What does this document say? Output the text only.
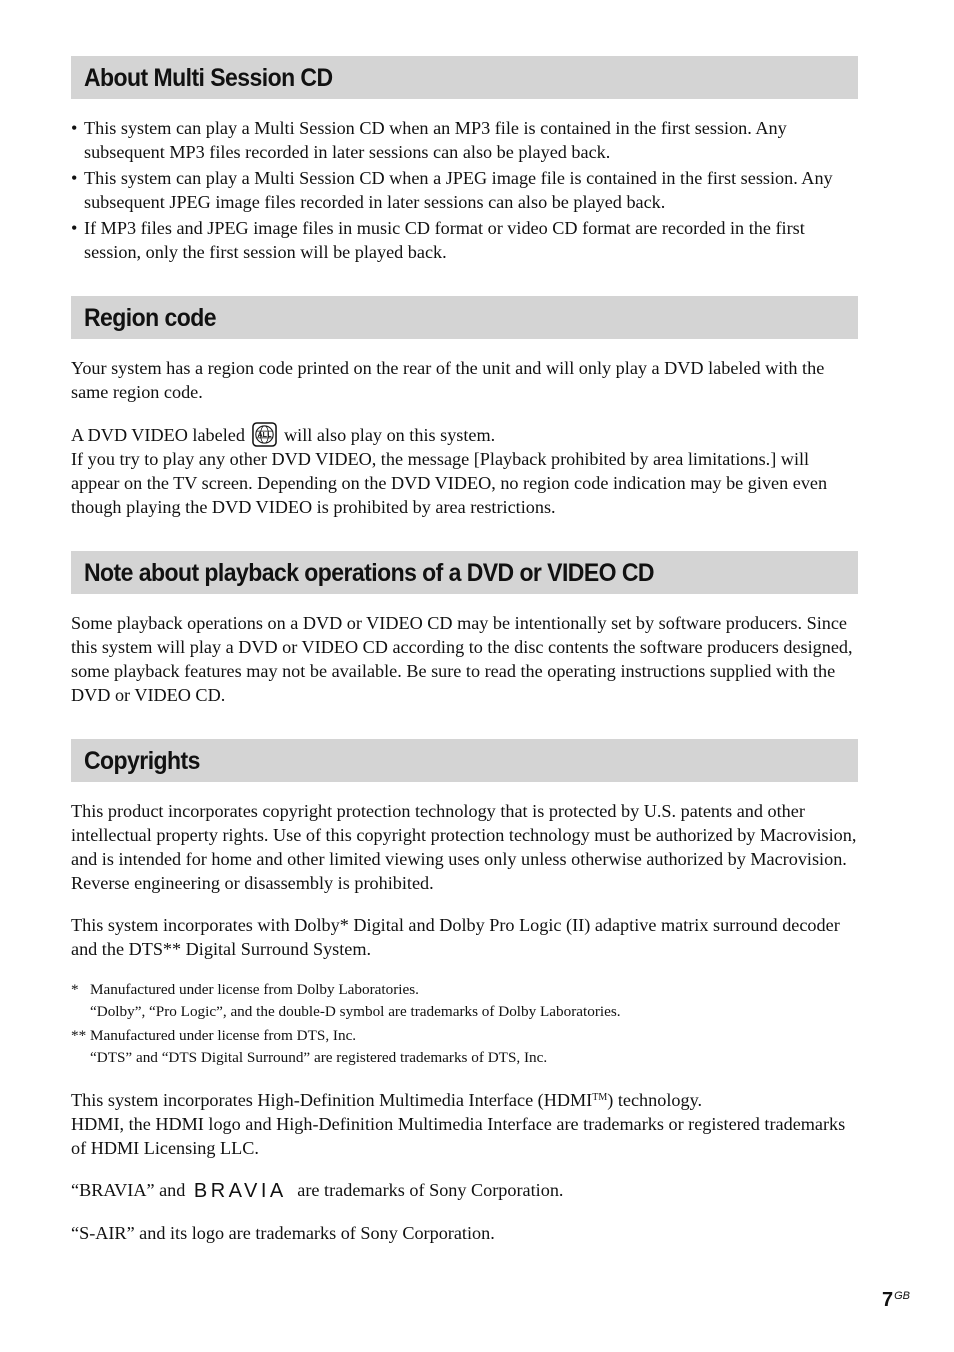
About Multi Session CD
• This system can play a Multi Session CD when an MP3 file is contained in the first session. Any subsequent MP3 files recorded in later sessions can also be played back.
• This system can play a Multi Session CD when a JPEG image file is contained in the first session. Any subsequent JPEG image files recorded in later sessions can also be played back.
• If MP3 files and JPEG image files in music CD format or video CD format are recorded in the first session, only the first session will be played back.
Region code

Your system has a region code printed on the rear of the unit and will only play a DVD labeled with the same region code.

A DVD VIDEO labeled ALL will also play on this system.

If you try to play any other DVD VIDEO, the message [Playback prohibited by area limitations.] will appear on the TV screen. Depending on the DVD VIDEO, no region code indication may be given even though playing the DVD VIDEO is prohibited by area restrictions.

Note about playback operations of a DVD or VIDEO CD

Some playback operations on a DVD or VIDEO CD may be intentionally set by software producers. Since this system will play a DVD or VIDEO CD according to the disc contents the software producers designed, some playback features may not be available. Be sure to read the operating instructions supplied with the DVD or VIDEO CD.

Copyrights

This product incorporates copyright protection technology that is protected by U.S. patents and other intellectual property rights. Use of this copyright protection technology must be authorized by Macrovision, and is intended for home and other limited viewing uses only unless otherwise authorized by Macrovision. Reverse engineering or disassembly is prohibited.

This system incorporates with Dolby* Digital and Dolby Pro Logic (II) adaptive matrix surround decoder and the DTS** Digital Surround System.

* Manufactured under license from Dolby Laboratories.

“Dolby”, “Pro Logic”, and the double-D symbol are trademarks of Dolby Laboratories.

** Manufactured under license from DTS, Inc.

“DTS” and “DTS Digital Surround” are registered trademarks of DTS, Inc.

This system incorporates High-Definition Multimedia Interface (HDMI™) technology.

HDMI, the HDMI logo and High-Definition Multimedia Interface are trademarks or registered trademarks of HDMI Licensing LLC.

“BRAVIA” and BRAVIA are trademarks of Sony Corporation.

“S-AIR” and its logo are trademarks of Sony Corporation.

$7^{GB}$
